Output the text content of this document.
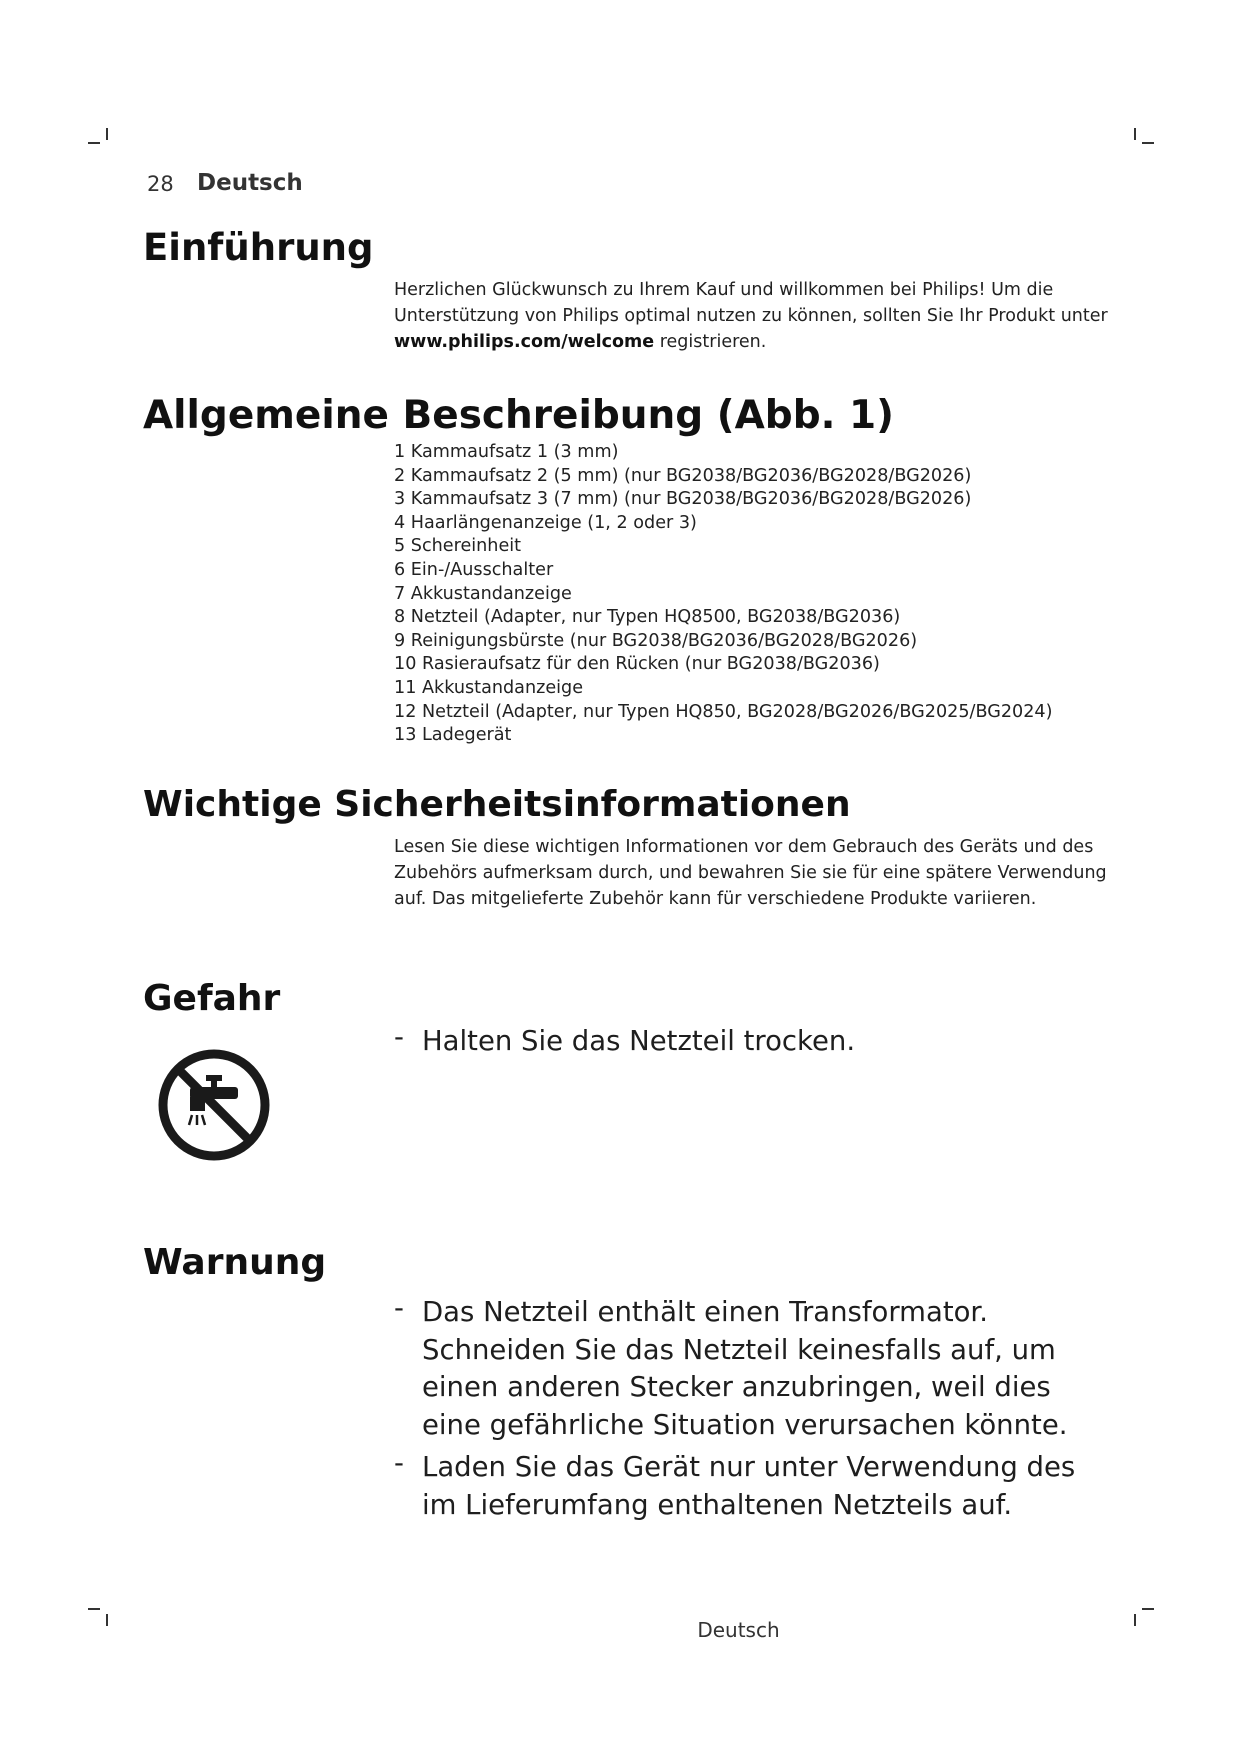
28 Deutsch
Einführung

Herzlichen Glückwunsch zu Ihrem Kauf und willkommen bei Philips! Um die Unterstützung von Philips optimal nutzen zu können, sollten Sie Ihr Produkt unter www.philips.com/welcome registrieren.

Allgemeine Beschreibung (Abb. 1)
1 Kammaufsatz 1 (3 mm)
2 Kammaufsatz 2 (5 mm) (nur BG2038/BG2036/BG2028/BG2026)
3 Kammaufsatz 3 (7 mm) (nur BG2038/BG2036/BG2028/BG2026)
4 Haarlängenanzeige (1, 2 oder 3)
5 Schereinheit
6 Ein-/Ausschalter
7 Akkustandanzeige
8 Netzteil (Adapter, nur Typen HQ8500, BG2038/BG2036)
9 Reinigungsbürste (nur BG2038/BG2036/BG2028/BG2026)
10 Rasieraufsatz für den Rücken (nur BG2038/BG2036)
11 Akkustandanzeige
12 Netzteil (Adapter, nur Typen HQ850, BG2028/BG2026/BG2025/BG2024)
13 Ladegerät
Wichtige Sicherheitsinformationen

Lesen Sie diese wichtigen Informationen vor dem Gebrauch des Geräts und des Zubehörs aufmerksam durch, und bewahren Sie sie für eine spätere Verwendung auf. Das mitgelieferte Zubehör kann für verschiedene Produkte variieren.

Gefahr
- Halten Sie das Netzteil trocken.
Warnung
- Das Netzteil enthält einen Transformator. Schneiden Sie das Netzteil keinesfalls auf, um einen anderen Stecker anzubringen, weil dies eine gefährliche Situation verursachen könnte.
- Laden Sie das Gerät nur unter Verwendung des im Lieferumfang enthaltenen Netzteils auf.
Deutsch
